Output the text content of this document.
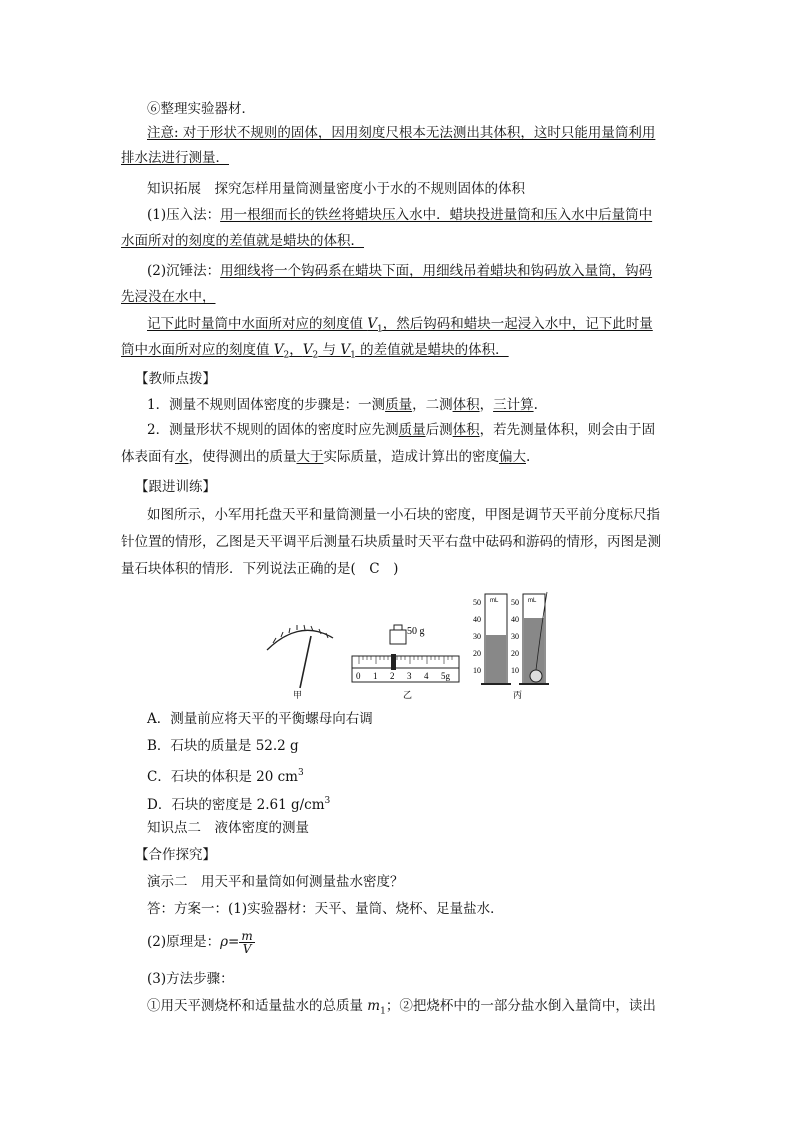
⑥整理实验器材．
注意: 对于形状不规则的固体，因用刻度尺根本无法测出其体积，这时只能用量筒利用
排水法进行测量．
知识拓展　探究怎样用量筒测量密度小于水的不规则固体的体积
(1)压入法：用一根细而长的铁丝将蜡块压入水中．蜡块投进量筒和压入水中后量筒中
水面所对的刻度的差值就是蜡块的体积．
(2)沉锤法：用细线将一个钩码系在蜡块下面，用细线吊着蜡块和钩码放入量筒，钩码
先浸没在水中，
记下此时量筒中水面所对应的刻度值 $V_1$，然后钩码和蜡块一起浸入水中，记下此时量
筒中水面所对应的刻度值 $V_2$，$V_2$ 与 $V_1$ 的差值就是蜡块的体积．
【教师点拨】
1．测量不规则固体密度的步骤是：一测质量，二测体积，三计算.
2．测量形状不规则的固体的密度时应先测质量后测体积，若先测量体积，则会由于固
体表面有水，使得测出的质量大于实际质量，造成计算出的密度偏大.
【跟进训练】
如图所示，小军用托盘天平和量筒测量一小石块的密度，甲图是调节天平前分度标尺指
针位置的情形，乙图是天平调平后测量石块质量时天平右盘中砝码和游码的情形，丙图是测
量石块体积的情形．下列说法正确的是(　C　)
甲
50 g
0 1 2 3 4 5g
乙
mL
50
40
30
20
10
mL
50
40
30
20
10
丙
A．测量前应将天平的平衡螺母向右调
B．石块的质量是 52.2 g
C．石块的体积是 20 $cm^3$
D．石块的密度是 2.61 $g/cm^3$
知识点二　液体密度的测量
【合作探究】
演示二　用天平和量筒如何测量盐水密度？
答：方案一：(1)实验器材：天平、量筒、烧杯、足量盐水．
(2)原理是：$\rho= \frac{m}{V}$
(3)方法步骤：
①用天平测烧杯和适量盐水的总质量 $m_1$；②把烧杯中的一部分盐水倒入量筒中，读出
